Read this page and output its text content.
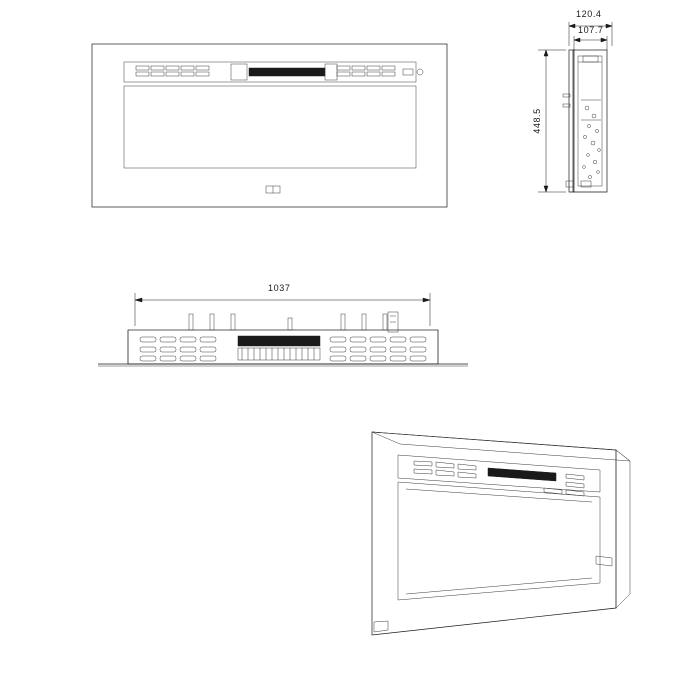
120.4
107.7
448.5
1037
